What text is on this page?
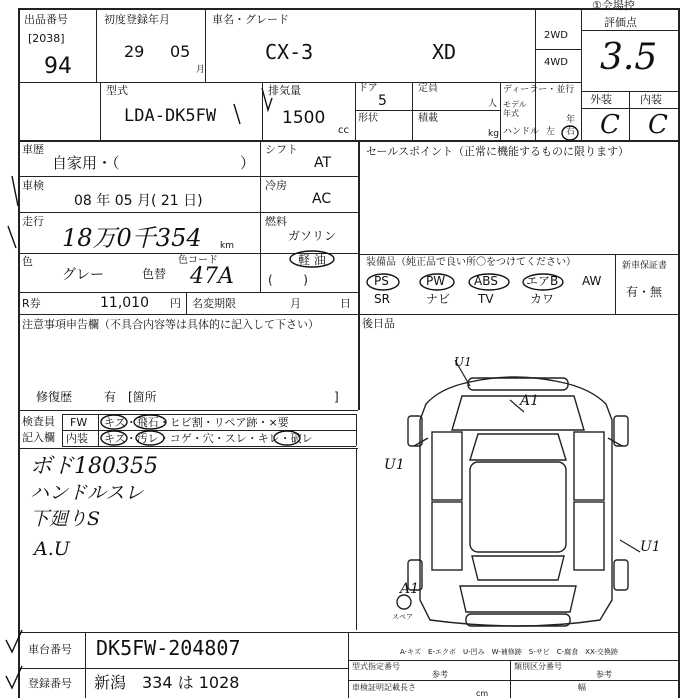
出品番号
[2038]
94
初度登録年月
29 05
月
車名・グレード
CX-3	XD
2WD
4WD
①会場控
評価点
3.5
外装	内装
C C
型式
LDA-DK5FW
排気量
1500
cc
ドア
5
定員
人
形状	積載
kg
ディーラー・並行
モデル年式
年
ハンドル 左 右
車歴
自家用・（	）
シフト
AT
車検
08 年 05 月( 21 日)
冷房
AC
走行
18万0千354 km
燃料
ガソリン
軽 油
(        )
色
グレー	色替
色コード
47A
R券	11,010 円 名変期限	月	日
注意事項申告欄（不具合内容等は具体的に記入して下さい）
修復歴	有　[箇所	]
検査員
記入欄
FW キズ・飛石・ヒビ割・リペア跡・×要
内装 キズ・汚レ・コゲ・穴・スレ・キレ・破レ
ボド180355
ハンドルスレ
下廻りS
A.U
セールスポイント（正常に機能するものに限ります）
装備品（純正品で良い所〇をつけてください）	新車保証書
有・無
PS	PW ABS エアB AW
SR	ナビ TV	カワ
後日品
車台番号 DK5FW-204807
登録番号 新潟　334 は 1028
A-キズ　E-エクボ　U-凹み　W-補修跡　S-サビ　C-腐食　XX-交換跡
型式指定番号	類別区分番号
参考	参考
車検証明記載 長さ
cm
幅
A1
U1
U1
A1
U1
スペア
